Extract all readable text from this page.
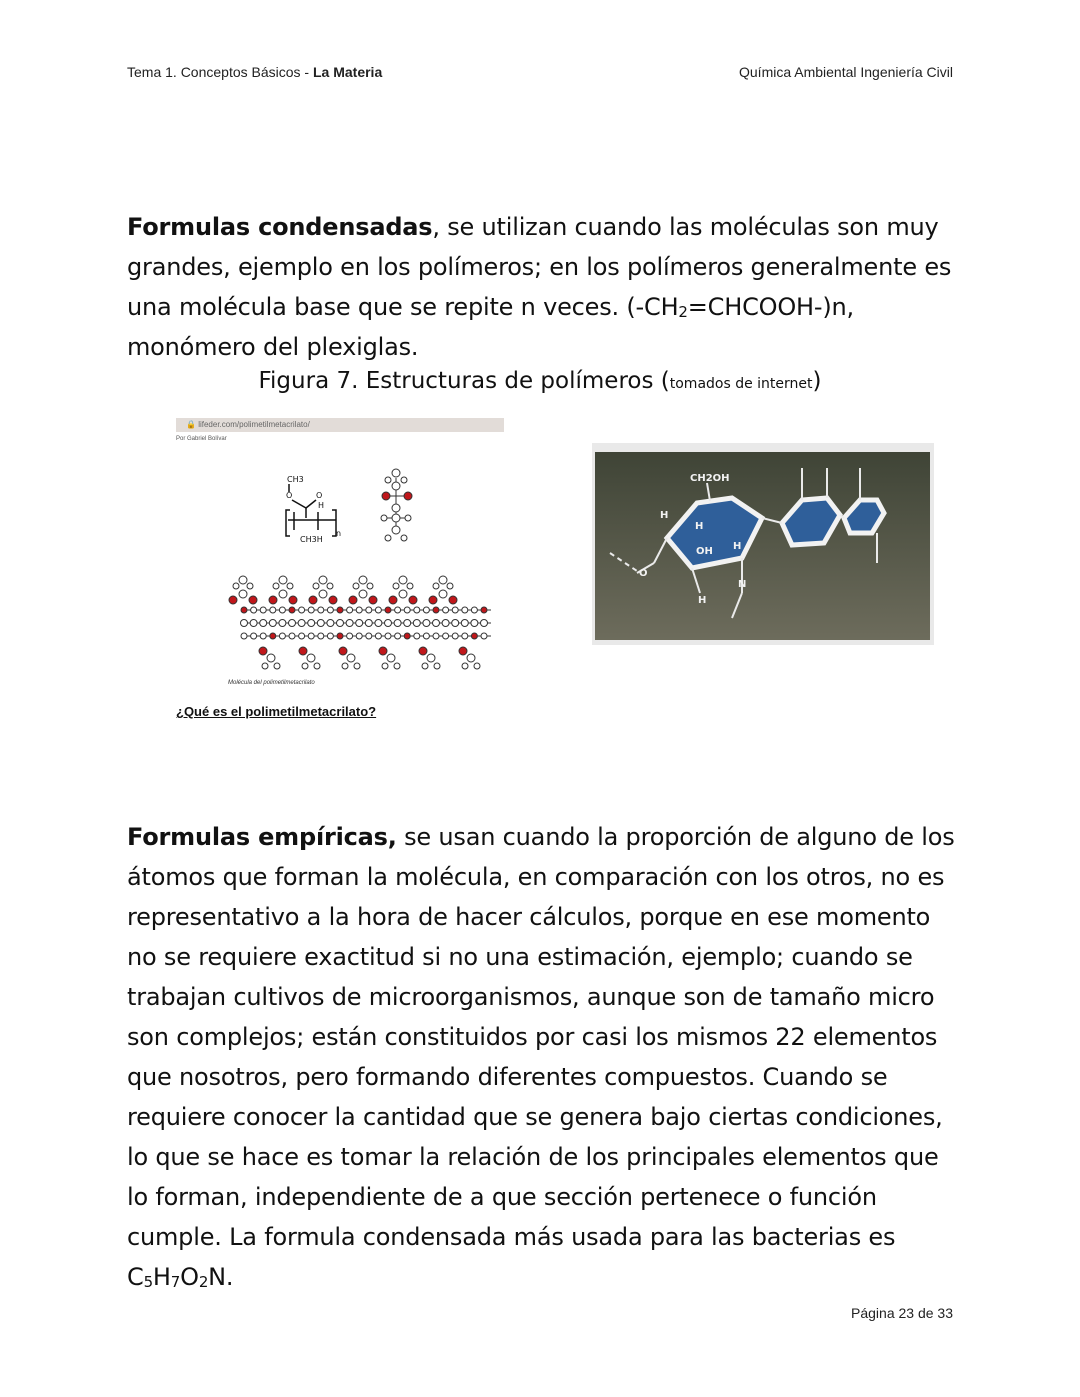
Tema 1. Conceptos Básicos - La Materia	Química Ambiental Ingeniería Civil

Formulas condensadas, se utilizan cuando las moléculas son muy grandes, ejemplo en los polímeros; en los polímeros generalmente es una molécula base que se repite n veces. $(-CH_2=CHCOOH-)n$, monómero del plexiglas.

Figura 7. Estructuras de polímeros (tomados de internet)
🔒 lifeder.com/polimetilmetacrilato/
Por Gabriel Bolívar
CH3
O	O
H
CH3H
n
Molécula del polimetilmetacrilato
¿Qué es el polimetilmetacrilato?
CH2OH
H
H
OH H
O
N
H

Formulas empíricas, se usan cuando la proporción de alguno de los átomos que forman la molécula, en comparación con los otros, no es representativo a la hora de hacer cálculos, porque en ese momento no se requiere exactitud si no una estimación, ejemplo; cuando se trabajan cultivos de microorganismos, aunque son de tamaño micro son complejos; están constituidos por casi los mismos 22 elementos que nosotros, pero formando diferentes compuestos. Cuando se requiere conocer la cantidad que se genera bajo ciertas condiciones, lo que se hace es tomar la relación de los principales elementos que lo forman, independiente de a que sección pertenece o función cumple. La formula condensada más usada para las bacterias es $C_5H_7O_2N$.

Página 23 de 33
